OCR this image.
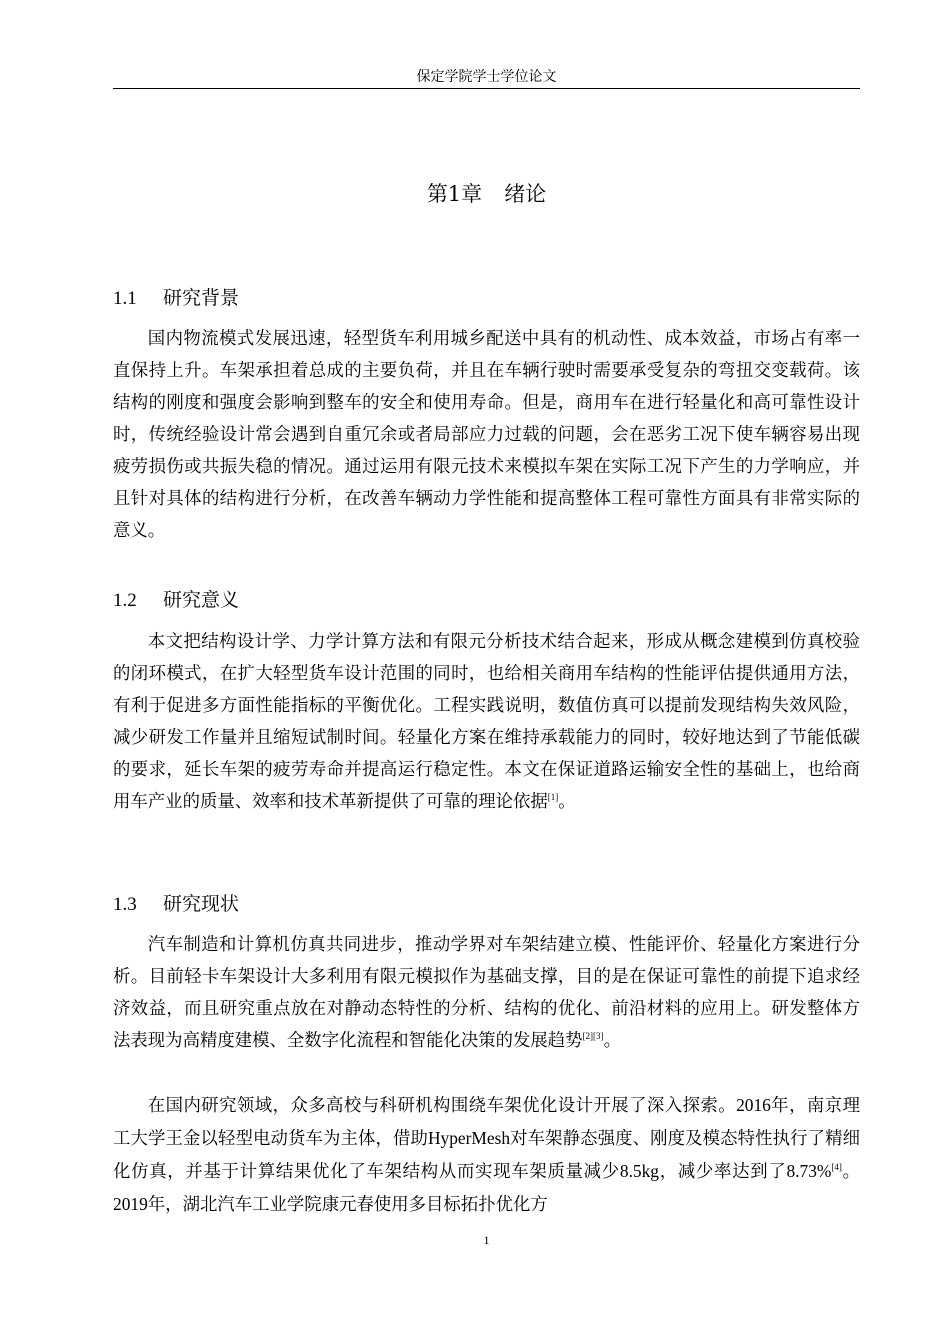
保定学院学士学位论文
第1章 绪论
1.1 研究背景

国内物流模式发展迅速，轻型货车利用城乡配送中具有的机动性、成本效益，市场占有率一直保持上升。车架承担着总成的主要负荷，并且在车辆行驶时需要承受复杂的弯扭交变载荷。该结构的刚度和强度会影响到整车的安全和使用寿命。但是，商用车在进行轻量化和高可靠性设计时，传统经验设计常会遇到自重冗余或者局部应力过载的问题，会在恶劣工况下使车辆容易出现疲劳损伤或共振失稳的情况。通过运用有限元技术来模拟车架在实际工况下产生的力学响应，并且针对具体的结构进行分析，在改善车辆动力学性能和提高整体工程可靠性方面具有非常实际的意义。

1.2 研究意义

本文把结构设计学、力学计算方法和有限元分析技术结合起来，形成从概念建模到仿真校验的闭环模式，在扩大轻型货车设计范围的同时，也给相关商用车结构的性能评估提供通用方法，有利于促进多方面性能指标的平衡优化。工程实践说明，数值仿真可以提前发现结构失效风险，减少研发工作量并且缩短试制时间。轻量化方案在维持承载能力的同时，较好地达到了节能低碳的要求，延长车架的疲劳寿命并提高运行稳定性。本文在保证道路运输安全性的基础上，也给商用车产业的质量、效率和技术革新提供了可靠的理论依据[1]。

1.3 研究现状

汽车制造和计算机仿真共同进步，推动学界对车架结建立模、性能评价、轻量化方案进行分析。目前轻卡车架设计大多利用有限元模拟作为基础支撑，目的是在保证可靠性的前提下追求经济效益，而且研究重点放在对静动态特性的分析、结构的优化、前沿材料的应用上。研发整体方法表现为高精度建模、全数字化流程和智能化决策的发展趋势[2][3]。

在国内研究领域，众多高校与科研机构围绕车架优化设计开展了深入探索。2016年，南京理工大学王金以轻型电动货车为主体，借助HyperMesh对车架静态强度、刚度及模态特性执行了精细化仿真，并基于计算结果优化了车架结构从而实现车架质量减少8.5kg，减少率达到了8.73%[4]。2019年，湖北汽车工业学院康元春使用多目标拓扑优化方

1
